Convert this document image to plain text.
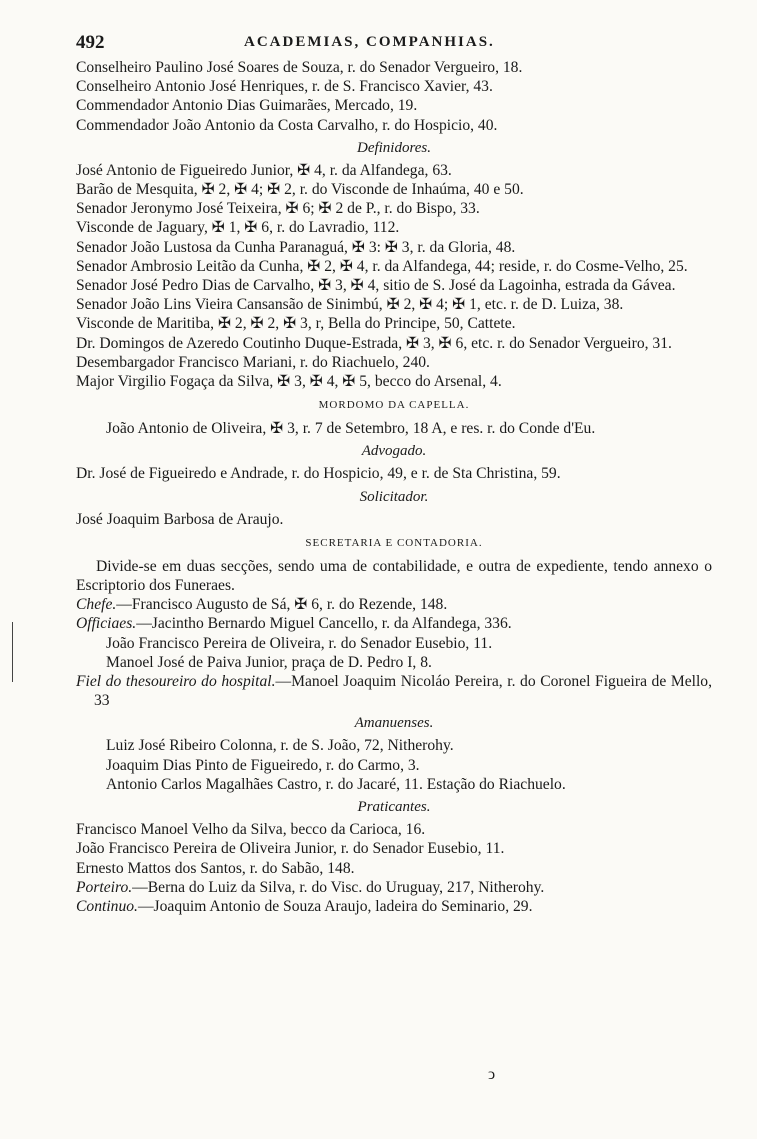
492	ACADEMIAS, COMPANHIAS.
Conselheiro Paulino José Soares de Souza, r. do Senador Vergueiro, 18.
Conselheiro Antonio José Henriques, r. de S. Francisco Xavier, 43.
Commendador Antonio Dias Guimarães, Mercado, 19.
Commendador João Antonio da Costa Carvalho, r. do Hospicio, 40.
Definidores.
José Antonio de Figueiredo Junior, ✠ 4, r. da Alfandega, 63.
Barão de Mesquita, ✠ 2, ✠ 4; ✠ 2, r. do Visconde de Inhaúma, 40 e 50.
Senador Jeronymo José Teixeira, ✠ 6; ✠ 2 de P., r. do Bispo, 33.
Visconde de Jaguary, ✠ 1, ✠ 6, r. do Lavradio, 112.
Senador João Lustosa da Cunha Paranaguá, ✠ 3: ✠ 3, r. da Gloria, 48.
Senador Ambrosio Leitão da Cunha, ✠ 2, ✠ 4, r. da Alfandega, 44; reside, r. do Cosme-Velho, 25.
Senador José Pedro Dias de Carvalho, ✠ 3, ✠ 4, sitio de S. José da Lagoinha, estrada da Gávea.
Senador João Lins Vieira Cansansão de Sinimbú, ✠ 2, ✠ 4; ✠ 1, etc. r. de D. Luiza, 38.
Visconde de Maritiba, ✠ 2, ✠ 2, ✠ 3, r, Bella do Principe, 50, Cattete.
Dr. Domingos de Azeredo Coutinho Duque-Estrada, ✠ 3, ✠ 6, etc. r. do Senador Vergueiro, 31.
Desembargador Francisco Mariani, r. do Riachuelo, 240.
Major Virgilio Fogaça da Silva, ✠ 3, ✠ 4, ✠ 5, becco do Arsenal, 4.
MORDOMO DA CAPELLA.
João Antonio de Oliveira, ✠ 3, r. 7 de Setembro, 18 A, e res. r. do Conde d'Eu.
Advogado.
Dr. José de Figueiredo e Andrade, r. do Hospicio, 49, e r. de Sta Christina, 59.
Solicitador.
José Joaquim Barbosa de Araujo.
SECRETARIA E CONTADORIA.
Divide-se em duas secções, sendo uma de contabilidade, e outra de expediente, tendo annexo o Escriptorio dos Funeraes.
Chefe.—Francisco Augusto de Sá, ✠ 6, r. do Rezende, 148.
Officiaes.—Jacintho Bernardo Miguel Cancello, r. da Alfandega, 336.
João Francisco Pereira de Oliveira, r. do Senador Eusebio, 11.
Manoel José de Paiva Junior, praça de D. Pedro I, 8.
Fiel do thesoureiro do hospital.—Manoel Joaquim Nicoláo Pereira, r. do Coronel Figueira de Mello, 33
Amanuenses.
Luiz José Ribeiro Colonna, r. de S. João, 72, Nitherohy.
Joaquim Dias Pinto de Figueiredo, r. do Carmo, 3.
Antonio Carlos Magalhães Castro, r. do Jacaré, 11. Estação do Riachuelo.
Praticantes.
Francisco Manoel Velho da Silva, becco da Carioca, 16.
João Francisco Pereira de Oliveira Junior, r. do Senador Eusebio, 11.
Ernesto Mattos dos Santos, r. do Sabão, 148.
Porteiro.—Berna do Luiz da Silva, r. do Visc. do Uruguay, 217, Nitherohy.
Continuo.—Joaquim Antonio de Souza Araujo, ladeira do Seminario, 29.
ↄ
